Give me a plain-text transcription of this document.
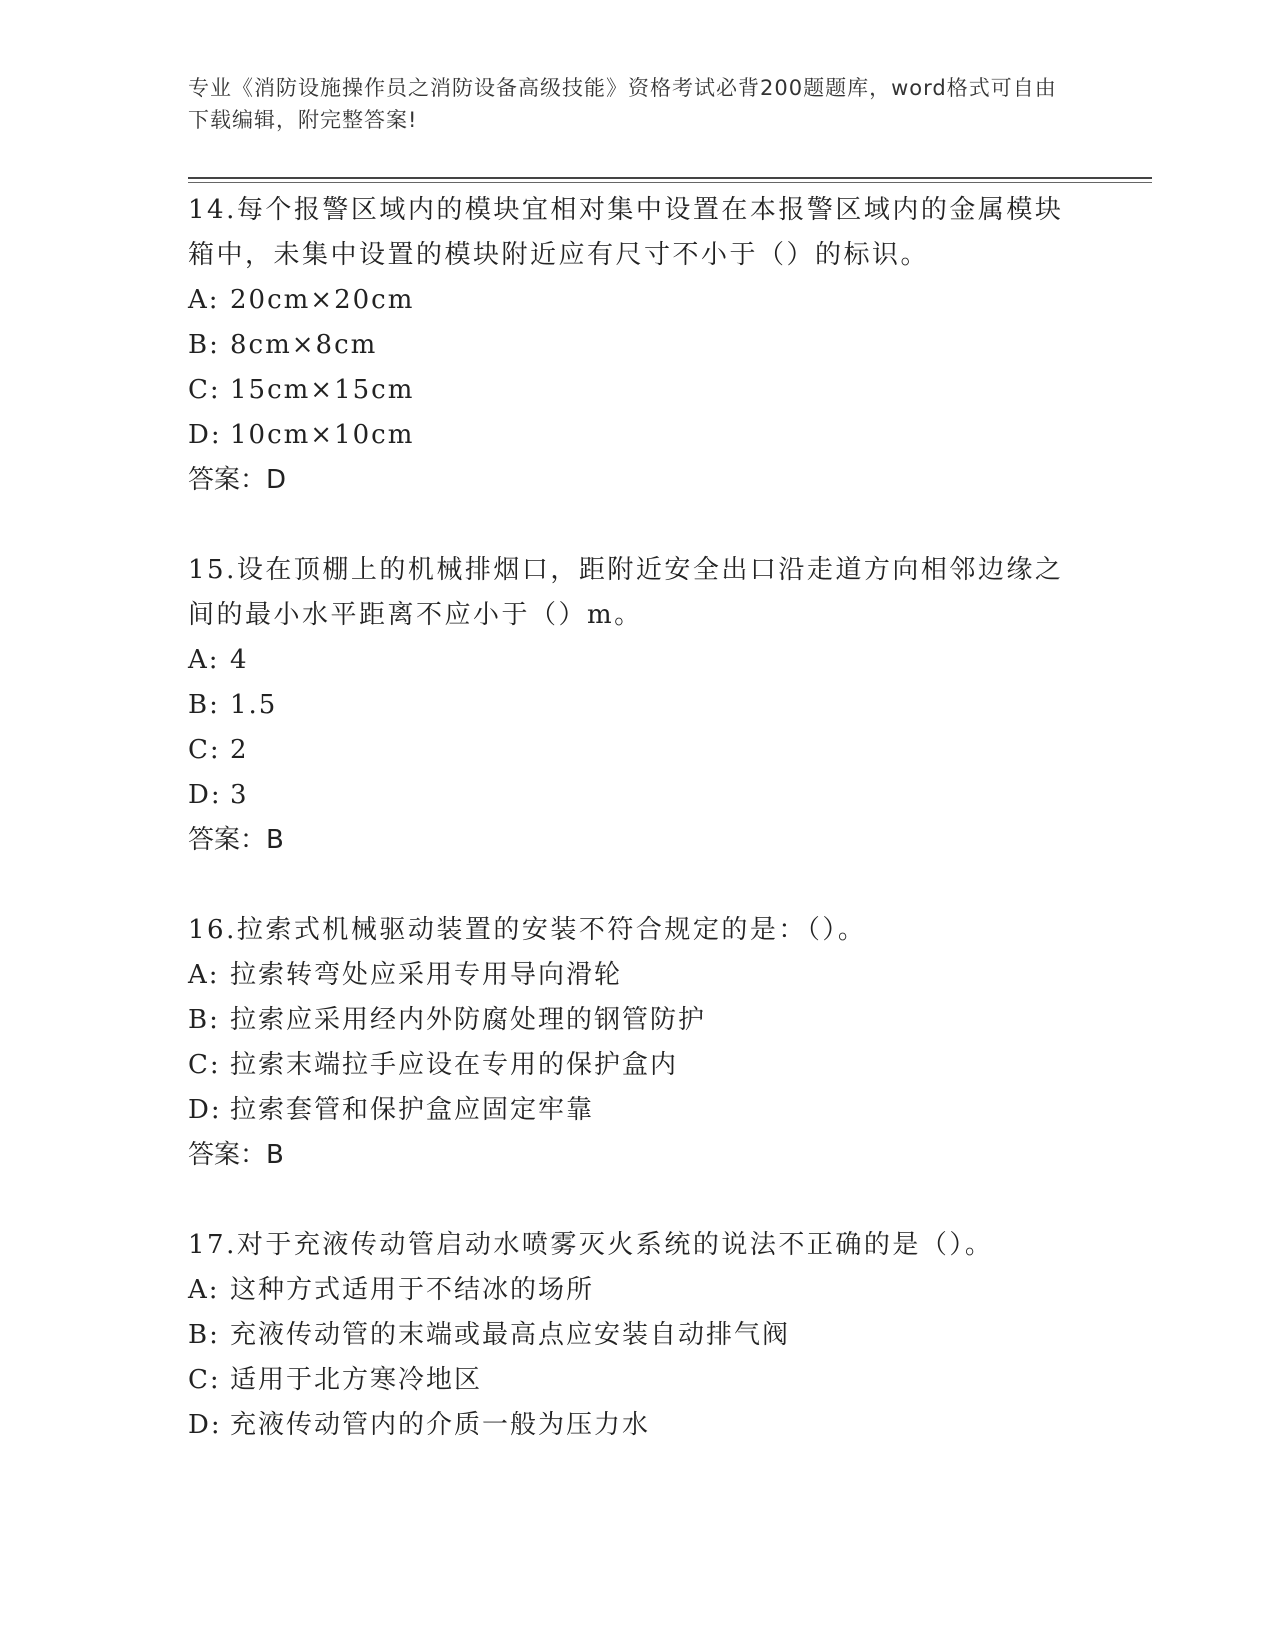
专业《消防设施操作员之消防设备高级技能》资格考试必背200题题库，word格式可自由下载编辑，附完整答案!

14.每个报警区域内的模块宜相对集中设置在本报警区域内的金属模块箱中，未集中设置的模块附近应有尺寸不小于（）的标识。

A: 20cm×20cm

B: 8cm×8cm

C: 15cm×15cm

D: 10cm×10cm

答案：D

15.设在顶棚上的机械排烟口，距附近安全出口沿走道方向相邻边缘之间的最小水平距离不应小于（）m。

A: 4

B: 1.5

C: 2

D: 3

答案：B

16.拉索式机械驱动装置的安装不符合规定的是：（）。

A: 拉索转弯处应采用专用导向滑轮

B: 拉索应采用经内外防腐处理的钢管防护

C: 拉索末端拉手应设在专用的保护盒内

D: 拉索套管和保护盒应固定牢靠

答案：B

17.对于充液传动管启动水喷雾灭火系统的说法不正确的是（）。

A: 这种方式适用于不结冰的场所

B: 充液传动管的末端或最高点应安装自动排气阀

C: 适用于北方寒冷地区

D: 充液传动管内的介质一般为压力水
